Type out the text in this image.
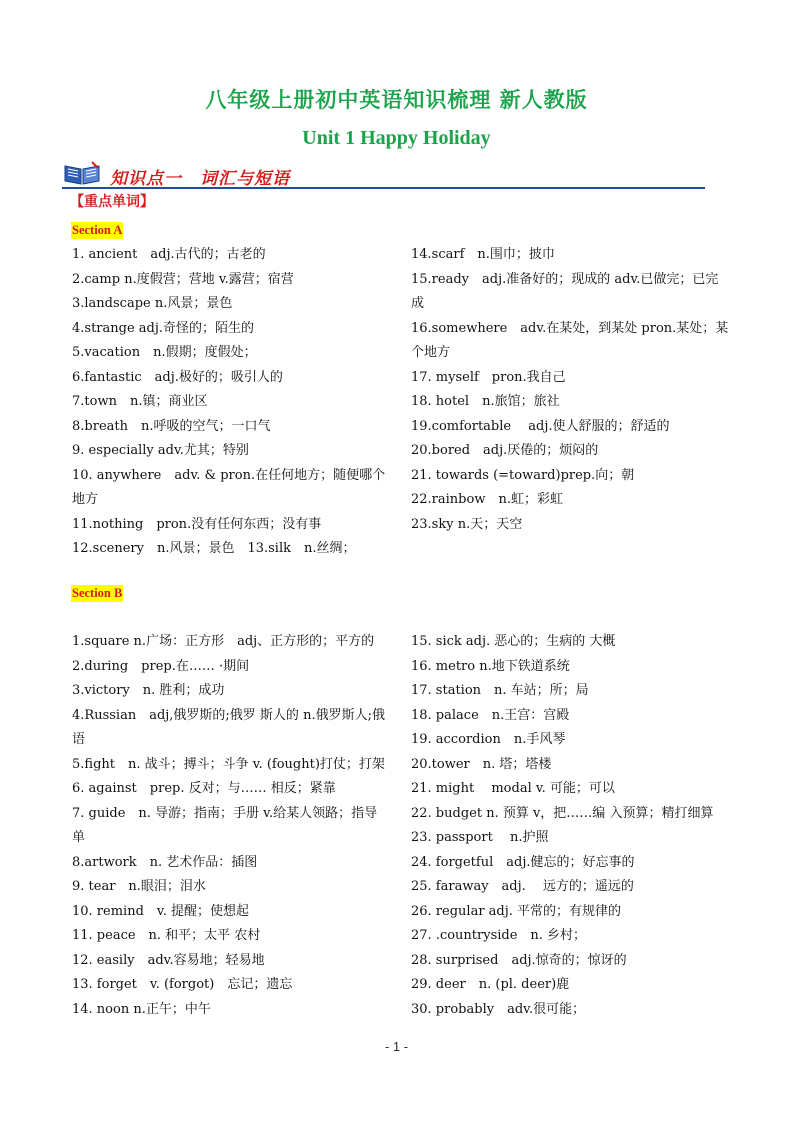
八年级上册初中英语知识梳理 新人教版
Unit 1 Happy Holiday
知识点一　词汇与短语
【重点单词】
Section A
1. ancient　adj.古代的；古老的
2.camp n.度假营；营地 v.露营；宿营
3.landscape n.风景；景色
4.strange adj.奇怪的；陌生的
5.vacation　n.假期；度假处；
6.fantastic　adj.极好的；吸引人的
7.town　n.镇；商业区
8.breath　n.呼吸的空气；一口气
9. especially adv.尤其；特别
10. anywhere　adv. & pron.在任何地方；随便哪个地方
11.nothing　pron.没有任何东西；没有事
12.scenery　n.风景；景色　13.silk　n.丝绸；
14.scarf　n.围巾；披巾
15.ready　adj.准备好的；现成的 adv.已做完；已完成
16.somewhere　adv.在某处，到某处 pron.某处；某个地方
17. myself　pron.我自己
18. hotel　n.旅馆；旅社
19.comfortable　 adj.使人舒服的；舒适的
20.bored　adj.厌倦的；烦闷的
21. towards (=toward)prep.向；朝
22.rainbow　n.虹；彩虹
23.sky n.天；天空
Section B
1.square n.广场：正方形　adj、正方形的；平方的
2.during　prep.在…… ·期间
3.victory　n. 胜利；成功
4.Russian　adj,俄罗斯的;俄罗 斯人的 n.俄罗斯人;俄语
5.fight　n. 战斗；搏斗；斗争 v. (fought)打仗；打架
6. against　prep. 反对；与…… 相反；紧靠
7. guide　n. 导游；指南；手册 v.给某人领路；指导单
8.artwork　n. 艺术作品：插图
9. tear　n.眼泪；泪水
10. remind　v. 提醒；使想起
11. peace　n. 和平；太平 农村
12. easily　adv.容易地；轻易地
13. forget　v. (forgot)　忘记；遗忘
14. noon n.正午；中午
15. sick adj. 恶心的；生病的 大概
16. metro n.地下铁道系统
17. station　n. 车站；所；局
18. palace　n.王宫：宫殿
19. accordion　n.手风琴
20.tower　n. 塔；塔楼
21. might　 modal v. 可能；可以
22. budget n. 预算 v，把……编 入预算；精打细算
23. passport　 n.护照
24. forgetful　adj.健忘的；好忘事的
25. faraway　adj.　 远方的；遥远的
26. regular adj. 平常的；有规律的
27. .countryside　n. 乡村；
28. surprised　adj.惊奇的；惊讶的
29. deer　n. (pl. deer)鹿
30. probably　adv.很可能；
- 1 -
